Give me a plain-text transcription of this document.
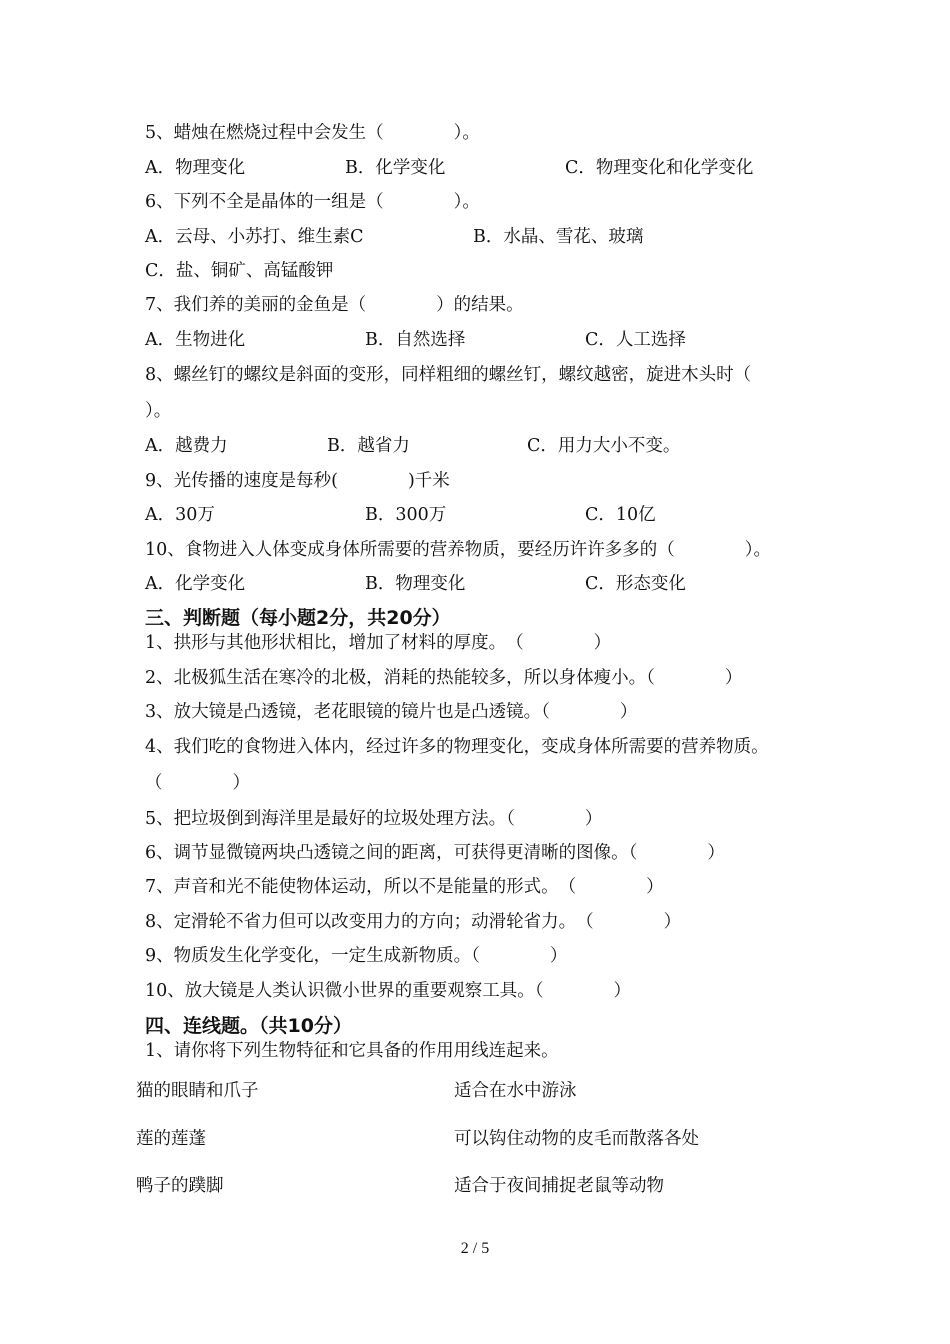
5、蜡烛在燃烧过程中会发生（　　　　）。
A．物理变化	B．化学变化	C．物理变化和化学变化
6、下列不全是晶体的一组是（　　　　）。
A．云母、小苏打、维生素C	B．水晶、雪花、玻璃
C．盐、铜矿、高锰酸钾
7、我们养的美丽的金鱼是（　　　　）的结果。
A．生物进化	B．自然选择	C．人工选择
8、螺丝钉的螺纹是斜面的变形，同样粗细的螺丝钉，螺纹越密，旋进木头时（
）。
A．越费力	B．越省力	C．用力大小不变。
9、光传播的速度是每秒(　　　　)千米
A．30万	B．300万	C．10亿
10、食物进入人体变成身体所需要的营养物质，要经历许许多多的（　　　　）。
A．化学变化	B．物理变化	C．形态变化
三、判断题（每小题2分，共20分）
1、拱形与其他形状相比，增加了材料的厚度。　（　　　　）
2、北极狐生活在寒冷的北极，消耗的热能较多，所以身体瘦小。（　　　　）
3、放大镜是凸透镜，老花眼镜的镜片也是凸透镜。（　　　　）
4、我们吃的食物进入体内，经过许多的物理变化，变成身体所需要的营养物质。
（　　　　）
5、把垃圾倒到海洋里是最好的垃圾处理方法。（　　　　）
6、调节显微镜两块凸透镜之间的距离，可获得更清晰的图像。（　　　　）
7、声音和光不能使物体运动，所以不是能量的形式。　（　　　　）
8、定滑轮不省力但可以改变用力的方向；动滑轮省力。　（　　　　）
9、物质发生化学变化，一定生成新物质。（　　　　）
10、放大镜是人类认识微小世界的重要观察工具。（　　　　）
四、连线题。（共10分）
1、请你将下列生物特征和它具备的作用用线连起来。
猫的眼睛和爪子
莲的莲蓬
鸭子的蹼脚
适合在水中游泳
可以钩住动物的皮毛而散落各处
适合于夜间捕捉老鼠等动物
2 / 5
